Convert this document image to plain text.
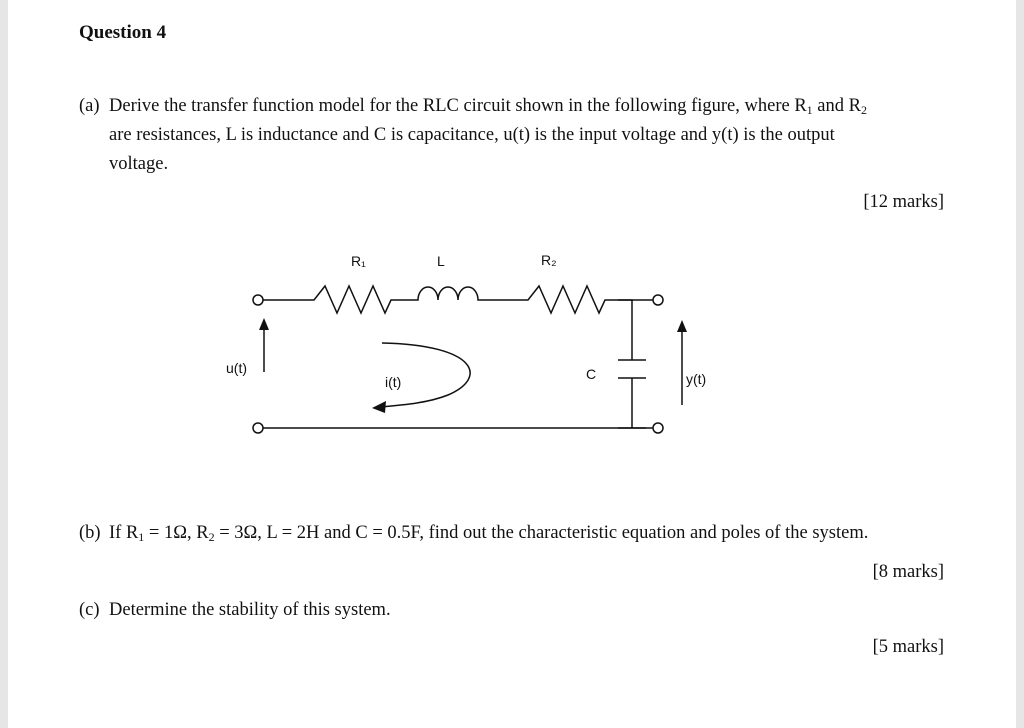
Question 4
(a) Derive the transfer function model for the RLC circuit shown in the following figure, where $R_1$ and $R_2$
are resistances, L is inductance and C is capacitance, u(t) is the input voltage and y(t) is the output
voltage.
[12 marks]
R₁	L	R₂
u(t)
i(t)	C	y(t)
(b) If $R_1 = 1\Omega$, $R_2 = 3\Omega$, L = 2H and C = 0.5F, find out the characteristic equation and poles of the system.
[8 marks]
(c) Determine the stability of this system.
[5 marks]
